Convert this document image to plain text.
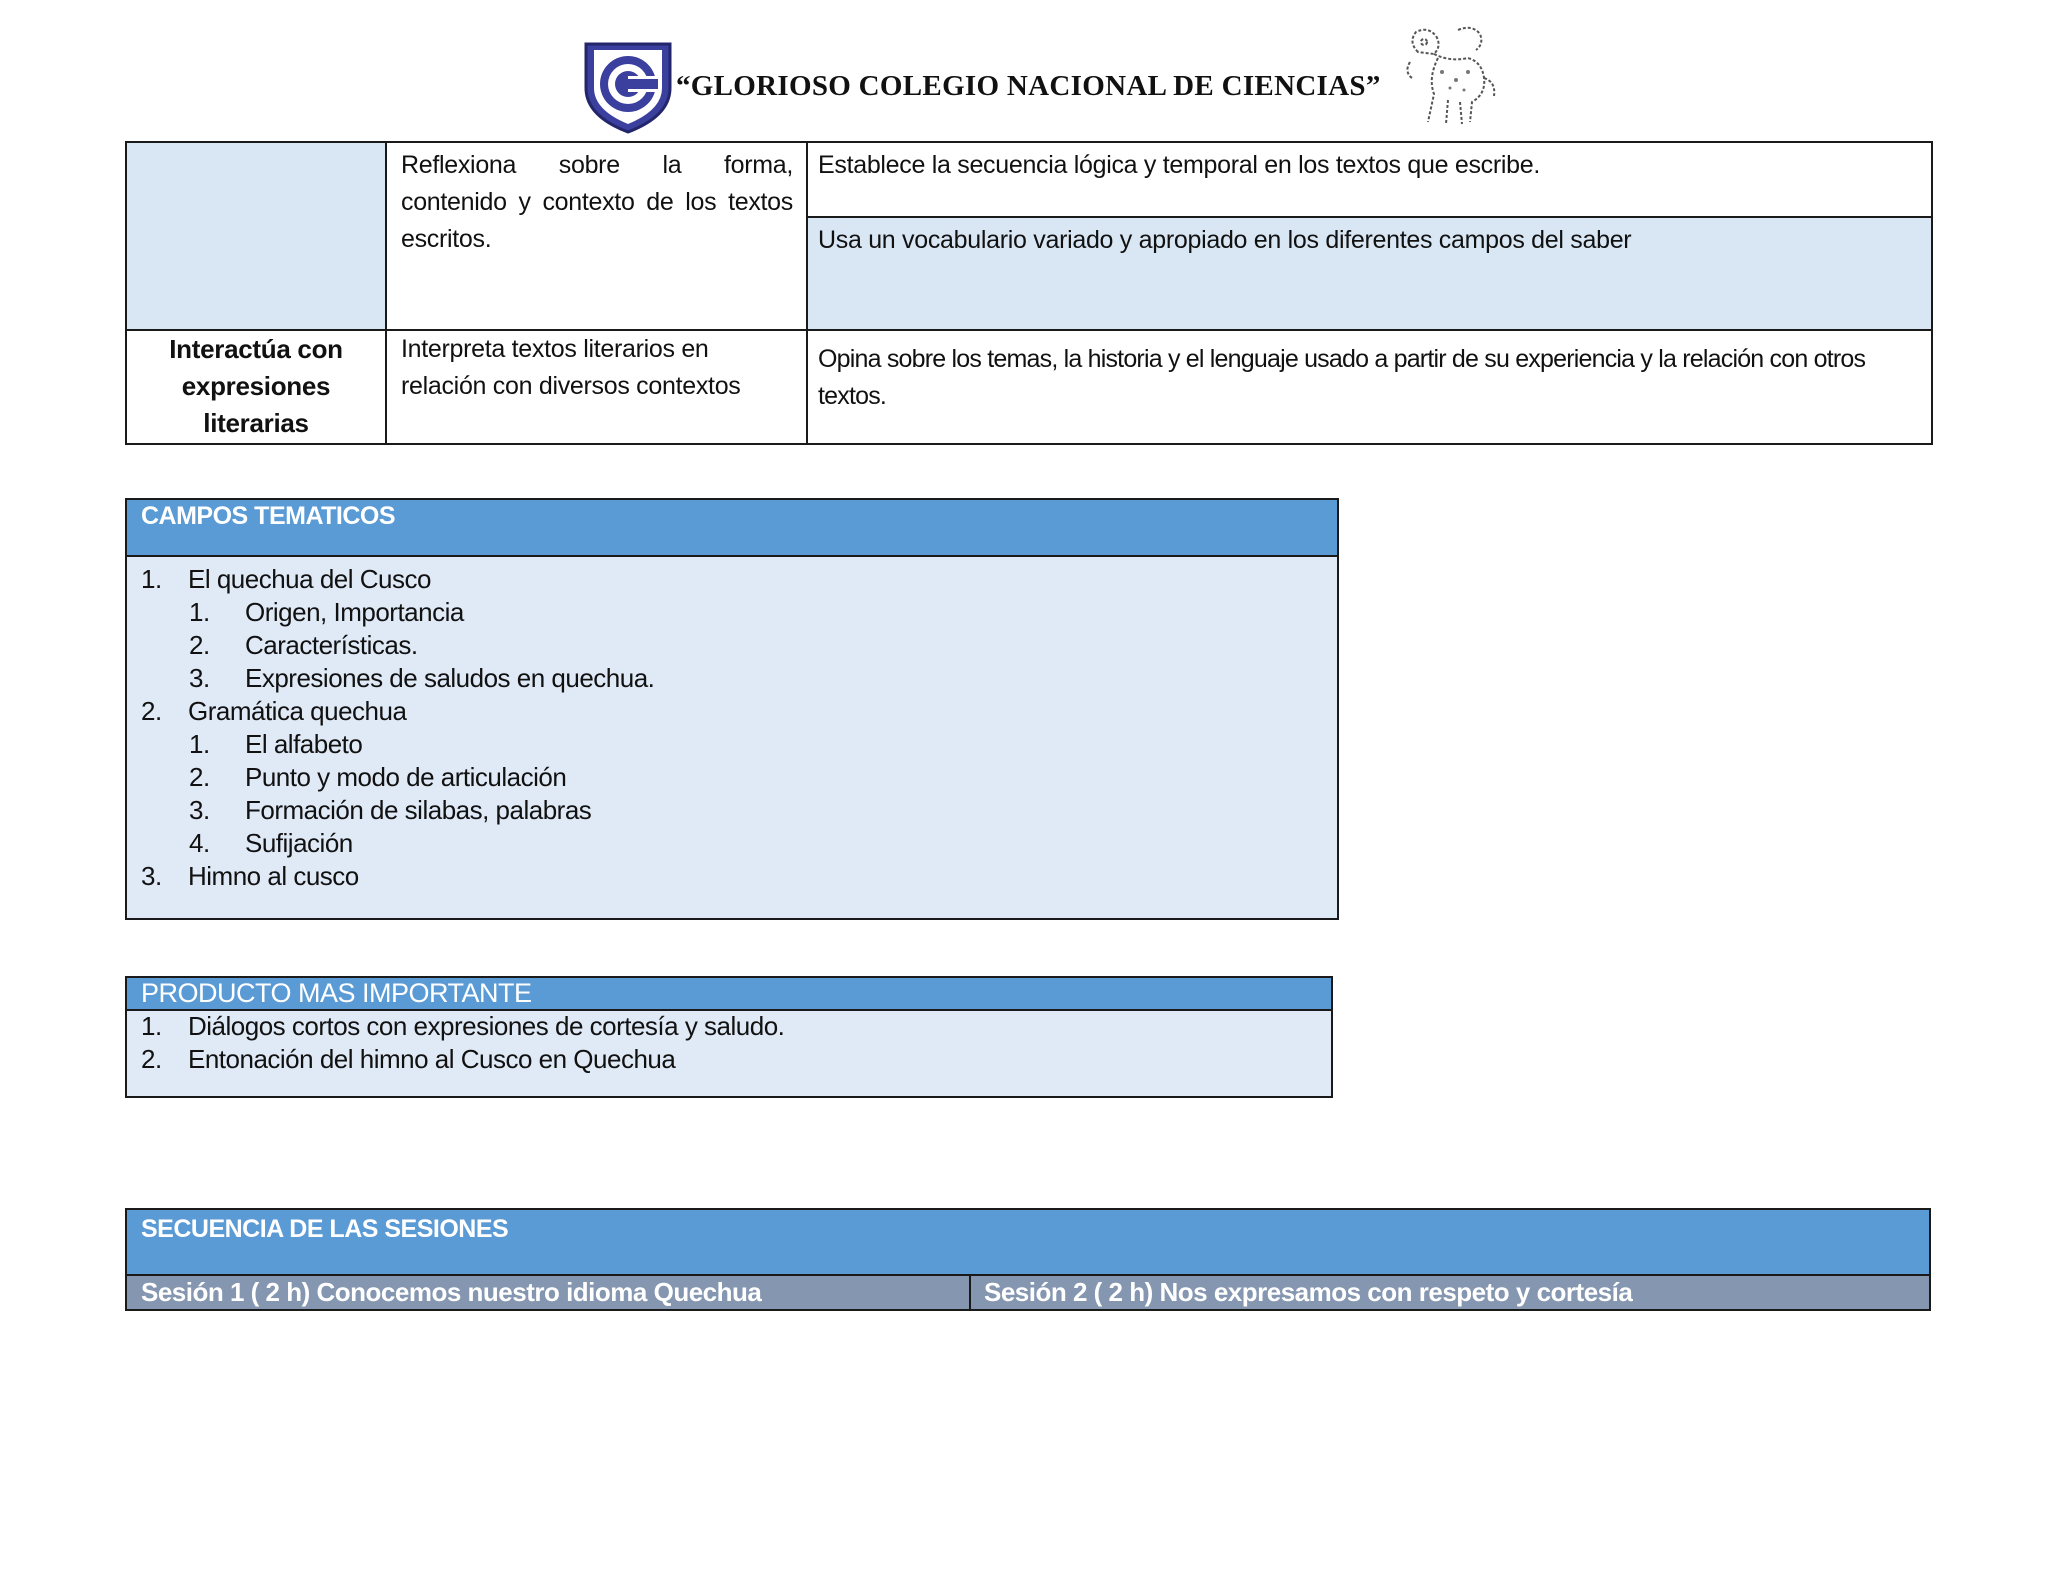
“GLORIOSO COLEGIO NACIONAL DE CIENCIAS”
	Reflexiona sobre la forma, contenido y contexto de los textos escritos.	Establece la secuencia lógica y temporal en los textos que escribe.
		Usa un vocabulario variado y apropiado en los diferentes campos del saber
Interactúa con expresiones literarias	Interpreta textos literarios en relación con diversos contextos	Opina sobre los temas, la historia y el lenguaje usado a partir de su experiencia y la relación con otros textos.
CAMPOS TEMATICOS
1.	El quechua del Cusco
1.	Origen, Importancia
2.	Características.
3.	Expresiones de saludos en quechua.
2.	Gramática quechua
1.	El alfabeto
2.	Punto y modo de articulación
3.	Formación de silabas, palabras
4.	Sufijación
3.	Himno al cusco
PRODUCTO MAS IMPORTANTE
1.	Diálogos cortos con expresiones de cortesía y saludo.
2.	Entonación del himno al Cusco en Quechua
SECUENCIA DE LAS SESIONES
Sesión 1 ( 2 h) Conocemos nuestro idioma Quechua	Sesión 2 ( 2 h) Nos expresamos con respeto y cortesía
